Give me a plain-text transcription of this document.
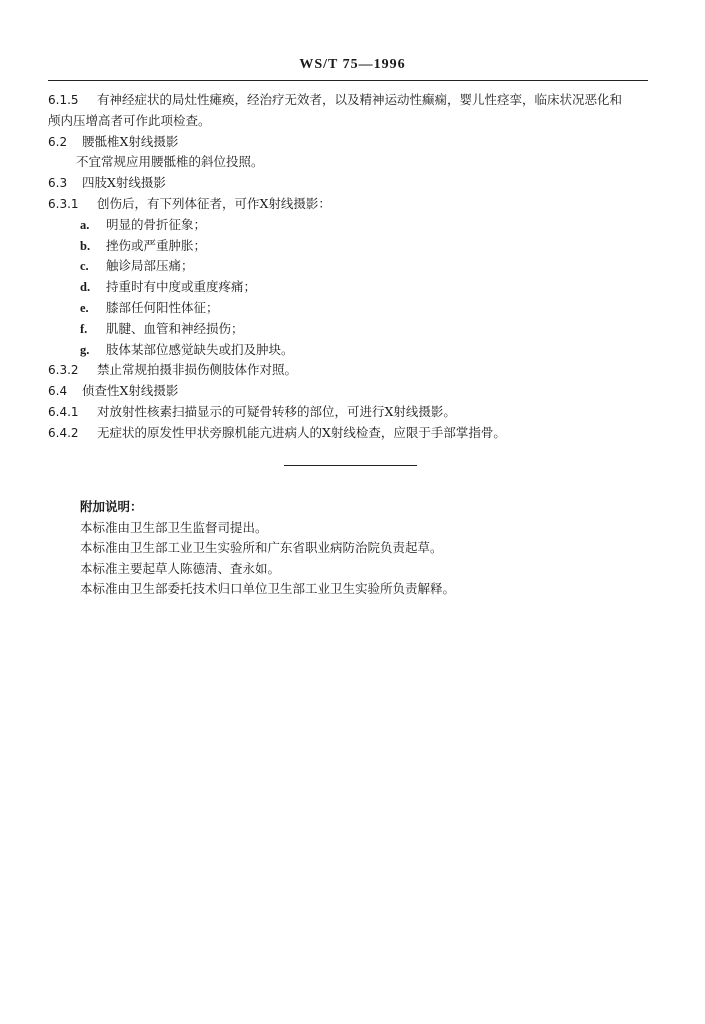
WS/T 75—1996
6.1.5 有神经症状的局灶性瘫痪，经治疗无效者，以及精神运动性癫痫，婴儿性痉挛，临床状况恶化和
颅内压增高者可作此项检查。
6.2 腰骶椎X射线摄影
不宜常规应用腰骶椎的斜位投照。
6.3 四肢X射线摄影
6.3.1 创伤后，有下列体征者，可作X射线摄影：
a. 明显的骨折征象；
b. 挫伤或严重肿胀；
c. 触诊局部压痛；
d. 持重时有中度或重度疼痛；
e. 膝部任何阳性体征；
f. 肌腱、血管和神经损伤；
g. 肢体某部位感觉缺失或扪及肿块。
6.3.2 禁止常规拍摄非损伤侧肢体作对照。
6.4 侦查性X射线摄影
6.4.1 对放射性核素扫描显示的可疑骨转移的部位，可进行X射线摄影。
6.4.2 无症状的原发性甲状旁腺机能亢进病人的X射线检查，应限于手部掌指骨。
附加说明：
本标准由卫生部卫生监督司提出。
本标准由卫生部工业卫生实验所和广东省职业病防治院负责起草。
本标准主要起草人陈德清、査永如。
本标准由卫生部委托技术归口单位卫生部工业卫生实验所负责解释。
